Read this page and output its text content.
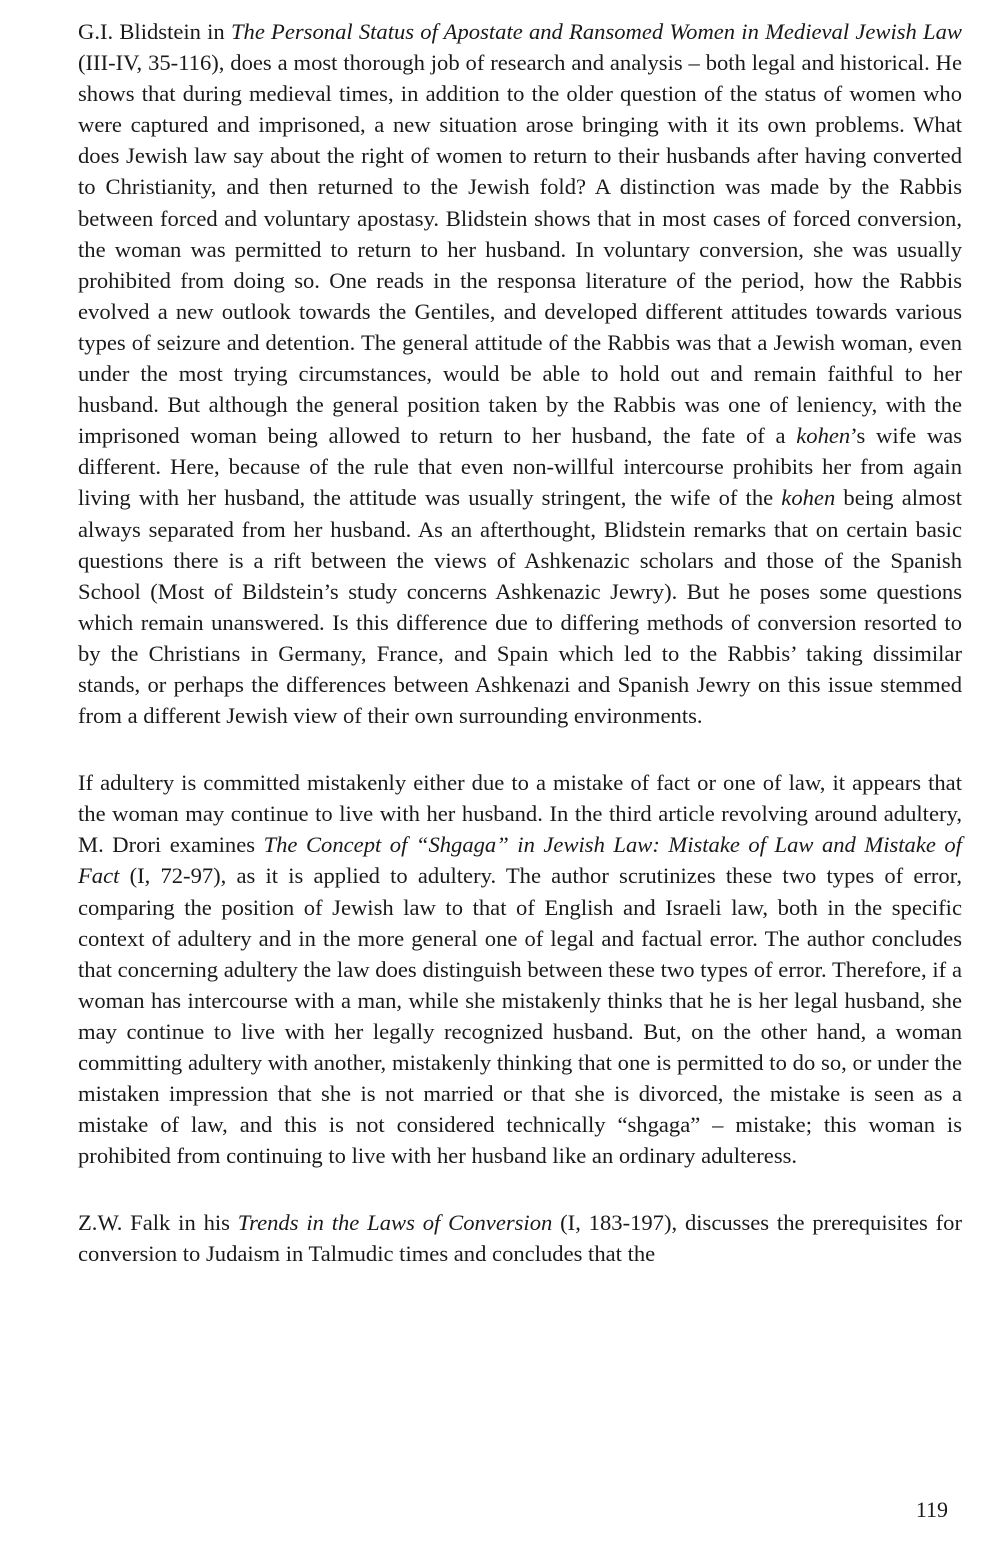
G.I. Blidstein in The Personal Status of Apostate and Ransomed Women in Medieval Jewish Law (III-IV, 35-116), does a most thorough job of research and analysis – both legal and historical. He shows that during medieval times, in addition to the older question of the status of women who were captured and imprisoned, a new situation arose bringing with it its own problems. What does Jewish law say about the right of women to return to their husbands after having converted to Christianity, and then returned to the Jewish fold? A distinction was made by the Rabbis between forced and voluntary apostasy. Blidstein shows that in most cases of forced conversion, the woman was permitted to return to her husband. In voluntary conversion, she was usually prohibited from doing so. One reads in the responsa literature of the period, how the Rabbis evolved a new outlook towards the Gentiles, and developed different attitudes towards various types of seizure and detention. The general attitude of the Rabbis was that a Jewish woman, even under the most trying circumstances, would be able to hold out and remain faithful to her husband. But although the general position taken by the Rabbis was one of leniency, with the imprisoned woman being allowed to return to her husband, the fate of a kohen’s wife was different. Here, because of the rule that even non-willful intercourse prohibits her from again living with her husband, the attitude was usually stringent, the wife of the kohen being almost always separated from her husband. As an afterthought, Blidstein remarks that on certain basic questions there is a rift between the views of Ashkenazic scholars and those of the Spanish School (Most of Bildstein’s study concerns Ashkenazic Jewry). But he poses some questions which remain unanswered. Is this difference due to differing methods of conversion resorted to by the Christians in Germany, France, and Spain which led to the Rabbis’ taking dissimilar stands, or perhaps the differences between Ashkenazi and Spanish Jewry on this issue stemmed from a different Jewish view of their own surrounding environments.

If adultery is committed mistakenly either due to a mistake of fact or one of law, it appears that the woman may continue to live with her husband. In the third article revolving around adultery, M. Drori examines The Concept of “Shgaga” in Jewish Law: Mistake of Law and Mistake of Fact (I, 72-97), as it is applied to adultery. The author scrutinizes these two types of error, comparing the position of Jewish law to that of English and Israeli law, both in the specific context of adultery and in the more general one of legal and factual error. The author concludes that concerning adultery the law does distinguish between these two types of error. Therefore, if a woman has intercourse with a man, while she mistakenly thinks that he is her legal husband, she may continue to live with her legally recognized husband. But, on the other hand, a woman committing adultery with another, mistakenly thinking that one is permitted to do so, or under the mistaken impression that she is not married or that she is divorced, the mistake is seen as a mistake of law, and this is not considered technically “shgaga” – mistake; this woman is prohibited from continuing to live with her husband like an ordinary adulteress.

Z.W. Falk in his Trends in the Laws of Conversion (I, 183-197), discusses the prerequisites for conversion to Judaism in Talmudic times and concludes that the

119
